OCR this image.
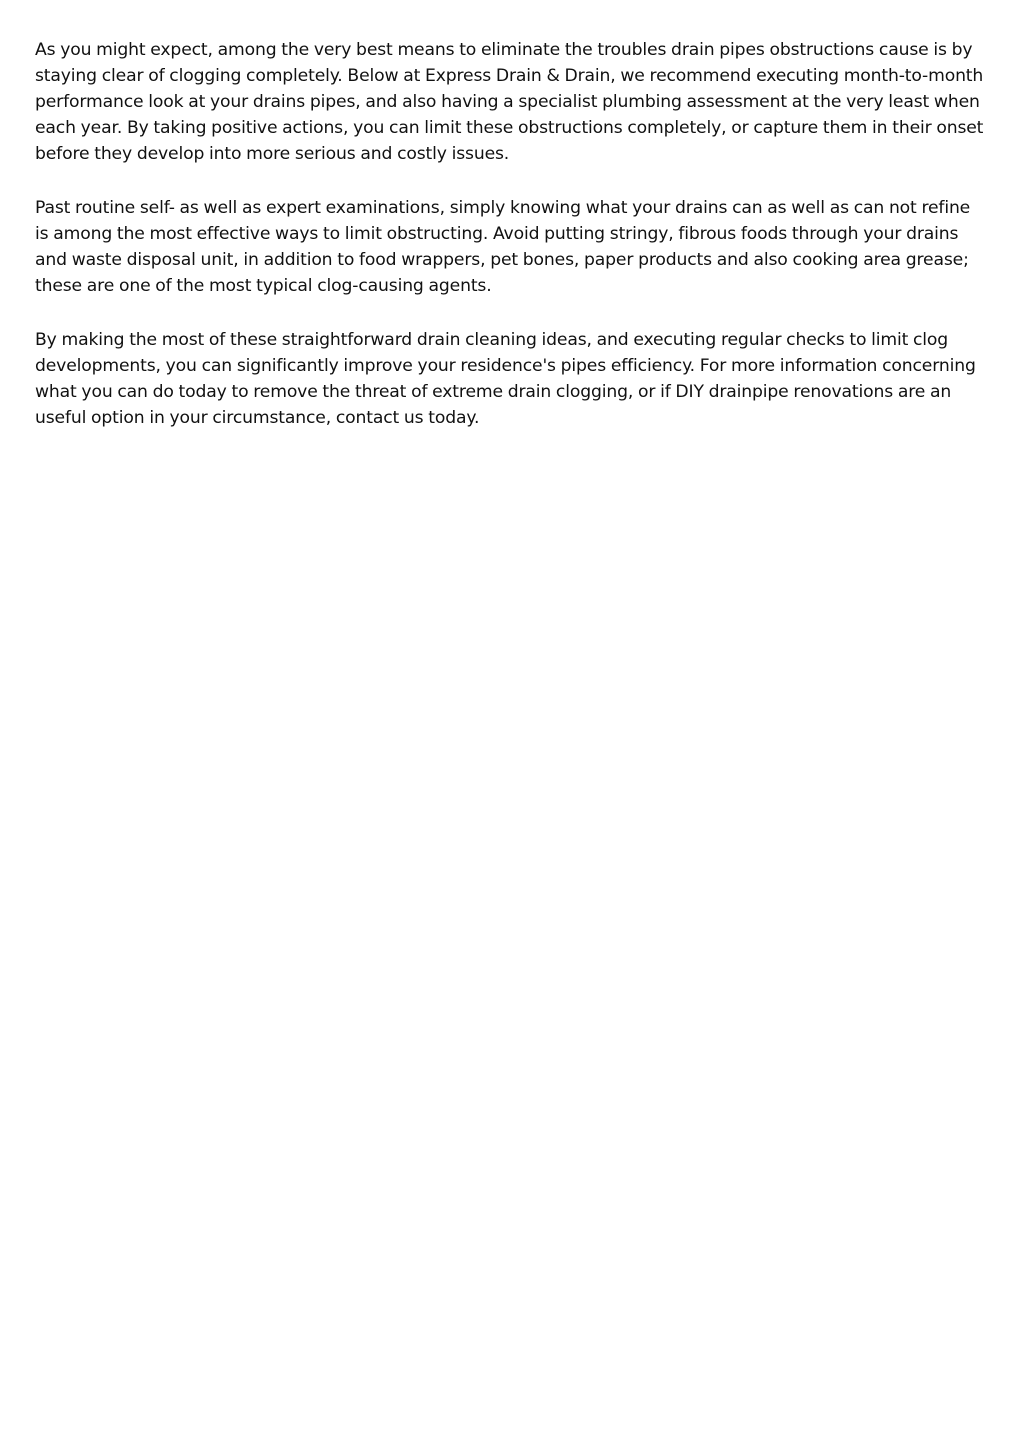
As you might expect, among the very best means to eliminate the troubles drain pipes obstructions cause is by staying clear of clogging completely. Below at Express Drain & Drain, we recommend executing month-to-month performance look at your drains pipes, and also having a specialist plumbing assessment at the very least when each year. By taking positive actions, you can limit these obstructions completely, or capture them in their onset before they develop into more serious and costly issues.

Past routine self- as well as expert examinations, simply knowing what your drains can as well as can not refine is among the most effective ways to limit obstructing. Avoid putting stringy, fibrous foods through your drains and waste disposal unit, in addition to food wrappers, pet bones, paper products and also cooking area grease; these are one of the most typical clog-causing agents.

By making the most of these straightforward drain cleaning ideas, and executing regular checks to limit clog developments, you can significantly improve your residence's pipes efficiency. For more information concerning what you can do today to remove the threat of extreme drain clogging, or if DIY drainpipe renovations are an useful option in your circumstance, contact us today.
